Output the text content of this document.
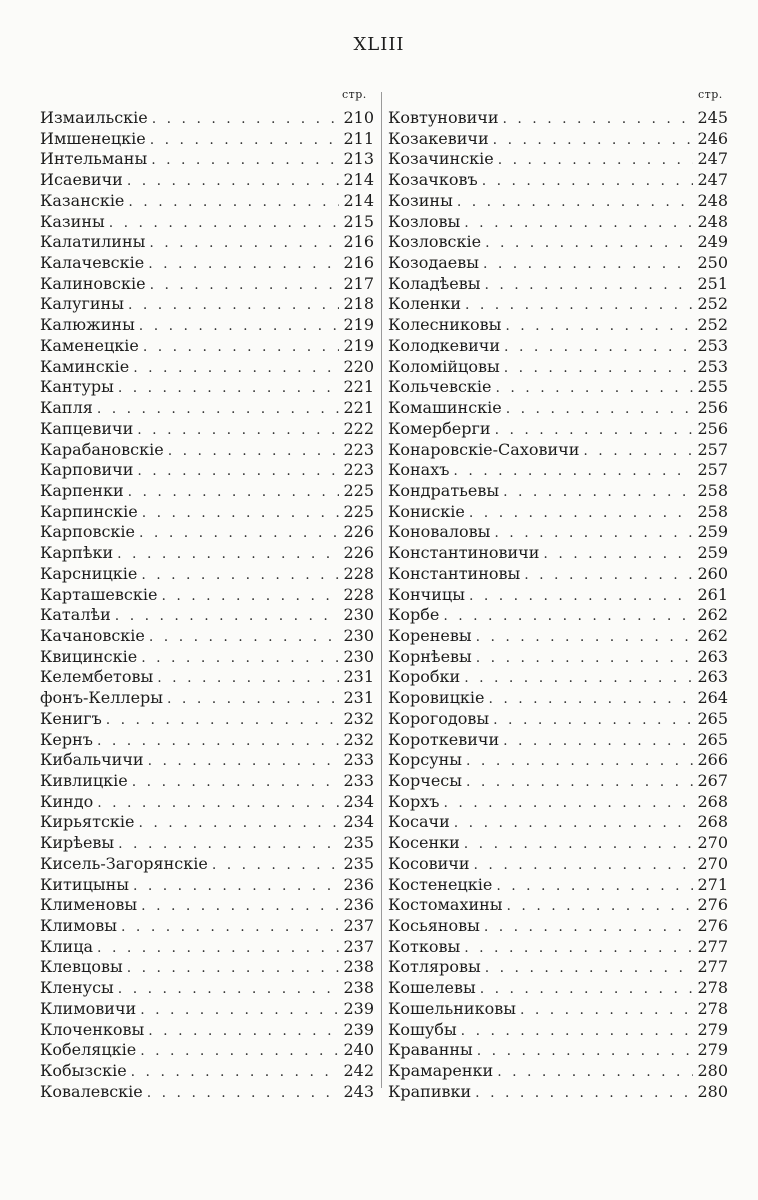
XLIII
стр.	стр.
Измаильскіе . . .	210
Имшенецкіе . . .	211
Интельманы . . .	213
Исаевичи . . .	214
Казанскіе . . .	214
Казины . . .	215
Калатилины . . .	216
Калачевскіе . . .	216
Калиновскіе . . .	217
Калугины . . .	218
Калюжины . . .	219
Каменецкіе . . .	219
Каминскіе . . .	220
Кантуры . . .	221
Капля . . .	221
Капцевичи . . .	222
Карабановскіе . . .	223
Карповичи . . .	223
Карпенки . . .	225
Карпинскіе . . .	225
Карповскіе . . .	226
Карпѣки . . .	226
Карсницкіе . . .	228
Карташевскіе . . .	228
Каталѣи . . .	230
Качановскіе . . .	230
Квицинскіе . . .	230
Келембетовы . . .	231
фонъ-Келлеры . . .	231
Кенигъ . . .	232
Кернъ . . .	232
Кибальчичи . . .	233
Кивлицкіе . . .	233
Киндо . . .	234
Кирьятскіе . . .	234
Кирѣевы . . .	235
Кисель-Загорянскіе . . .	235
Китицыны . . .	236
Клименовы . . .	236
Климовы . . .	237
Клица . . .	237
Клевцовы . . .	238
Кленусы . . .	238
Климовичи . . .	239
Клоченковы . . .	239
Кобеляцкіе . . .	240
Кобызскіе . . .	242
Ковалевскіе . . .	243
Ковтуновичи . . .	245
Козакевичи . . .	246
Козачинскіе . . .	247
Козачковъ . . .	247
Козины . . .	248
Козловы . . .	248
Козловскіе . . .	249
Козодаевы . . .	250
Коладѣевы . . .	251
Коленки . . .	252
Колесниковы . . .	252
Колодкевичи . . .	253
Коломійцовы . . .	253
Кольчевскіе . . .	255
Комашинскіе . . .	256
Комерберги . . .	256
Конаровскіе-Саховичи . . .	257
Конахъ . . .	257
Кондратьевы . . .	258
Конискіе . . .	258
Коноваловы . . .	259
Константиновичи . . .	259
Константиновы . . .	260
Кончицы . . .	261
Корбе . . .	262
Кореневы . . .	262
Корнѣевы . . .	263
Коробки . . .	263
Коровицкіе . . .	264
Корогодовы . . .	265
Короткевичи . . .	265
Корсуны . . .	266
Корчесы . . .	267
Корхъ . . .	268
Косачи . . .	268
Косенки . . .	270
Косовичи . . .	270
Костенецкіе . . .	271
Костомахины . . .	276
Косьяновы . . .	276
Котковы . . .	277
Котляровы . . .	277
Кошелевы . . .	278
Кошельниковы . . .	278
Кошубы . . .	279
Краванны . . .	279
Крамаренки . . .	280
Крапивки . . .	280
